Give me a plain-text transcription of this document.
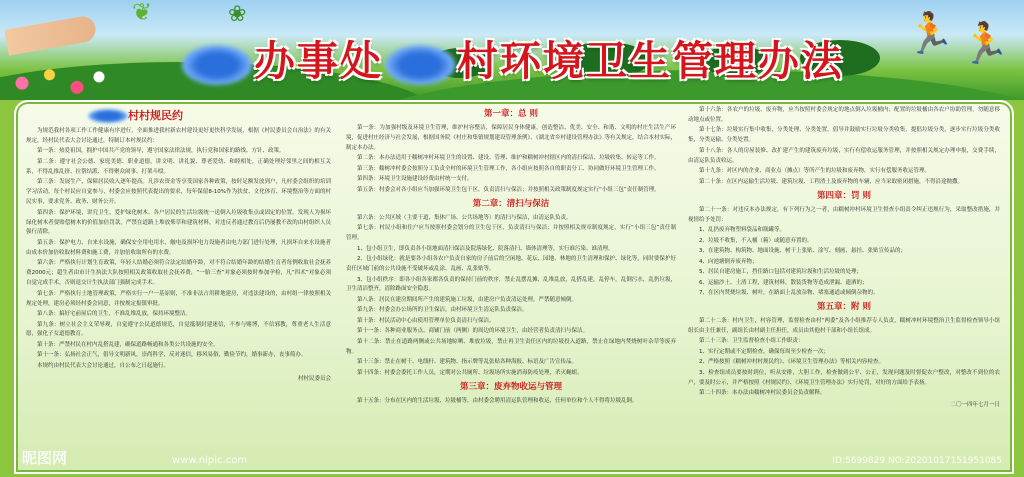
❦	❀	🏃 🏃
办事处 村环境卫生管理办法
村村规民约

为规范我村各项工作工作健康有序进行，全面推进我村新农村建设更好更快科学发展，根据《村民委员会自治法》的有关规定，经村民代表大会讨论通过，特制订本村规民约：

第一条：热爱祖国，拥护中国共产党的领导，遵守国家法律法规，执行党和国家的路线、方针、政策。

第二条：遵守社会公德、家庭美德、职业道德，讲文明、讲礼貌、尊老爱幼、和睦相处，正确处理好邻里之间的相互关系，不得乱推乱挤、拉帮结派、不得聚众闹事、打架斗殴。

第三条：发展生产，保障居民收入逐年提高。凡涉农资金等享受国家各种政策，按时足额发放到户，凡村委会组织的培训学习活动，每个村民应自觉参与，村委会应按照代表提出的要求，每年保留8-10%作为扶贫、文化体育、环境整治等方面的村民实事，要求党务、政务、财务公开。

第四条：保护环境，讲究卫生，爱护绿化树木。各户居民的生活垃圾统一送倒入垃圾收集点或固定的位置。发现人为损坏绿化树木者要赔偿树木的价值加倍罚款，严禁在道路上堆放柴草和建筑材料，对违反者通过教育后仍屡教不改的由村组织人员强行清除。

第五条：保护电力、自来水设施，确保安全用电用水，触电及损坏电力设施者由电力部门进行处理，凡损坏自来水设施者由成本价加倍收取材料费和施工费，并加倍收取所有的水费。

第六条：严格执行计划生育政策，年轻人结婚必须符合法定结婚年龄，对不符合结婚年龄的结婚生育者每例收取社会抚养费2000元；超生者由市计生执法大队按照相关政策收取社会抚养费，“一胎三查”对象必须按时参加孕检，凡“四术”对象必须自觉完成手术，否则退交计生执法部门强制完成手术。

第七条：严格执行土地管理政策，严格实行一户一基原则，不准非法占用耕地建房，对违法建设的，由村组一律按照相关规定处理，建房必须经村委会同意，并按规定报镇审批。

第八条：搞好宅前屋后的卫生，不准乱堆乱放，保持环境整洁。

第九条：树立社会主义荣辱观，自觉遵守公民道德规范，自觉抵制封建迷信，不参与赌博，不信邪教，尊重老人生活意愿，强化子女道德教育。

第十条：严禁村民在村内乱搭乱建，确保道路畅通和各类公共设施的安全。

第十一条：弘扬社会正气，倡导文明新风，崇尚科学，反对迷信，移风易俗，勤俭节约，婚事新办，丧事简办。

本规约由村民代表大会讨论通过，自公布之日起施行。

村村民委员会
第一章：总 则

第一条：为加强村级及环境卫生管理，维护村容整洁，保障居民身体健康，创造整洁、优美、安全、和谐、文明的村庄生活生产环境，促进村庄经济与社会发展，根据国务院《村庄和集镇规划建设管理条例》、《湖北省乡村建设管理办法》等有关规定，结合本村实际，制定本办法。

第二条：本办法适用于糯树冲村环境卫生的设置、建设、管理、维护和糯树冲村辖区内的清扫保洁、垃圾收集、转运等工作。

第三条：糯树冲村委会按照分工负责全村的环境卫生管理工作，各小组应按照各自的职责分工、协同做好环境卫生管理工作。

第四条：环境卫生设施建设经费由村统一支付。

第五条：村委会对各小组应当加强环境卫生包干区，负责清扫与保洁；并按照相关政策制度规定实行“小组三包”责任制管理。

第二章：清扫与保洁

第六条：公共区域（主要干道、集体广场、公共场地等）的清扫与保洁，由清运队负责。

第七条：村民小组和住户应当按照村委会划分的卫生包干区，负责清扫与保洁；并按照相关规章制度规定，实行“小组三包”责任制管理。

1、包小组卫生，即负责各小组地面清扫保洁及院落绿化、院落清扫、墙体清理等，实行谁污染、谁清理。

2、包小组绿化：就是要各小组各农户负责自家的房子前后的空闲地、花坛、园地、林地的卫生清理和保护、绿化等，同时要保护好责任区域门前的公共设施不受破坏或乱涂、乱画、乱张贴等。

3、包小组秩序：即各小组各家都各负责的保持门前的秩序，禁止乱摆乱摊，乱堆乱放，乱搭乱建，乱停车，乱倒污水，乱扔垃圾，卫生清洁整齐，清除路面安全隐患。

第八条：居民在建房期间所产生的建筑施工垃圾，由建房户负责清运处理，严禁随意倾倒。

第九条：村委会办公场所的卫生保洁，由村环境卫生清运队负责保洁。

第十条：村民活动中心由使用管理单位负责清扫与保洁。

第十一条：各种商业服务点、商铺门前（两侧）的周边的环境卫生，由经营者负责清扫与保洁。

第十二条：禁止在道路两侧或公共场地晾晒、堆放垃圾，禁止再卫生责任区内的垃圾投入道路，禁止在绿地内焚烧树叶杂草等废弃物。

第十三条：禁止在树干、电线杆、建筑物、指示牌等乱张贴各种海报、标语及广告宣传品。

第十四条：村委会委托工作人员，定期对公共厕所、垃圾场所实施消毒防疫处理，杀灭蝇蛆。

第三章：废弃物收运与管理

第十五条：分布在区内的生活垃圾、垃圾桶等，由村委会聘用清运队管理和收运，任何单位和个人不得将垃圾乱倒。

第十六条：各农户的垃圾、废弃物，应当按照村委会规定的地点倒入垃圾桶内；配置的垃圾桶由各农户协助管理，勿随意移动地点或位置。

第十七条：垃圾实行集中收集、分类处理、分类处置。倡导并鼓励实行垃圾分类收集，提倡垃圾分类，逐步实行垃圾分类收集，分类运输、分类处置。

第十八条：各人的房屋装修、改扩建产生的建筑废弃垃圾，实行有偿收运服务管理，并按照相关规定办理申报，交费手续，由清运队负责收运。

第十九条：对区内的企业、商业点（摊点）等所产生的垃圾和废弃物，实行有偿服务收运管理。

第二十条：在区内运输生活垃圾、建筑垃圾、工程渣土及废弃物的车辆，应当采取密闭措施，不得沿途抛撒。

第四章：罚 则

第二十一条：对违反本办法规定，有下列行为之一者，由糯树冲村环境卫生督查小组责令纠正违规行为，采取整改措施，并视情给予处罚：

1、乱扔废弃物塑料袋品和瓶罐等。

2、垃圾不收集，不入桶（箱）或随意弃置的。

3、在建筑物、构筑物、地面设施、树干上张贴、涂写、刻画、悬挂、张贴宣传品的；

4、向池塘倒弃废弃物；

5、居民自建房施工，挡住路口包括对建筑垃圾和生活垃圾的处理；

6、运输沙土、土渣工程，建筑材料，散装货物等造成泄漏、遗洒的；

7、在区内焚烧垃圾、树叶，在路面上乱放杂物、堵塞通道或倾倒杂物的。

第五章：附 则

第二十二条：村内卫生，村容管理，监督检查由村“两委”及各小组推荐专人负责，糯树冲村环境整治卫生监督检查领导小组组长由主任兼任，副组长由村副主任担任，成员由其他村干部和小组长组成。

第二十三条：卫生监督检查小组工作职责：

1、实行定期或不定期检查，确保每周至少检查一次；

2、严格按照《糯树冲村村规民约》、《环境卫生管理办法》等相关内容检查。

3、检查组成员要按时到位，听从安排，大胆工作，检查做到公平、公正，发现问题及时督促农户整改，对整改不到位的农户，要及时公示，并严格按照《村规民约》、《环境卫生管理办法》实行处罚，对好的方面给予表扬。

第二十四条：本办法由糯树冲村民委员会负责解释。

二〇一四年七月一日
昵图网	www.nipic.com	ID:5699829 NO:20201017151951085
